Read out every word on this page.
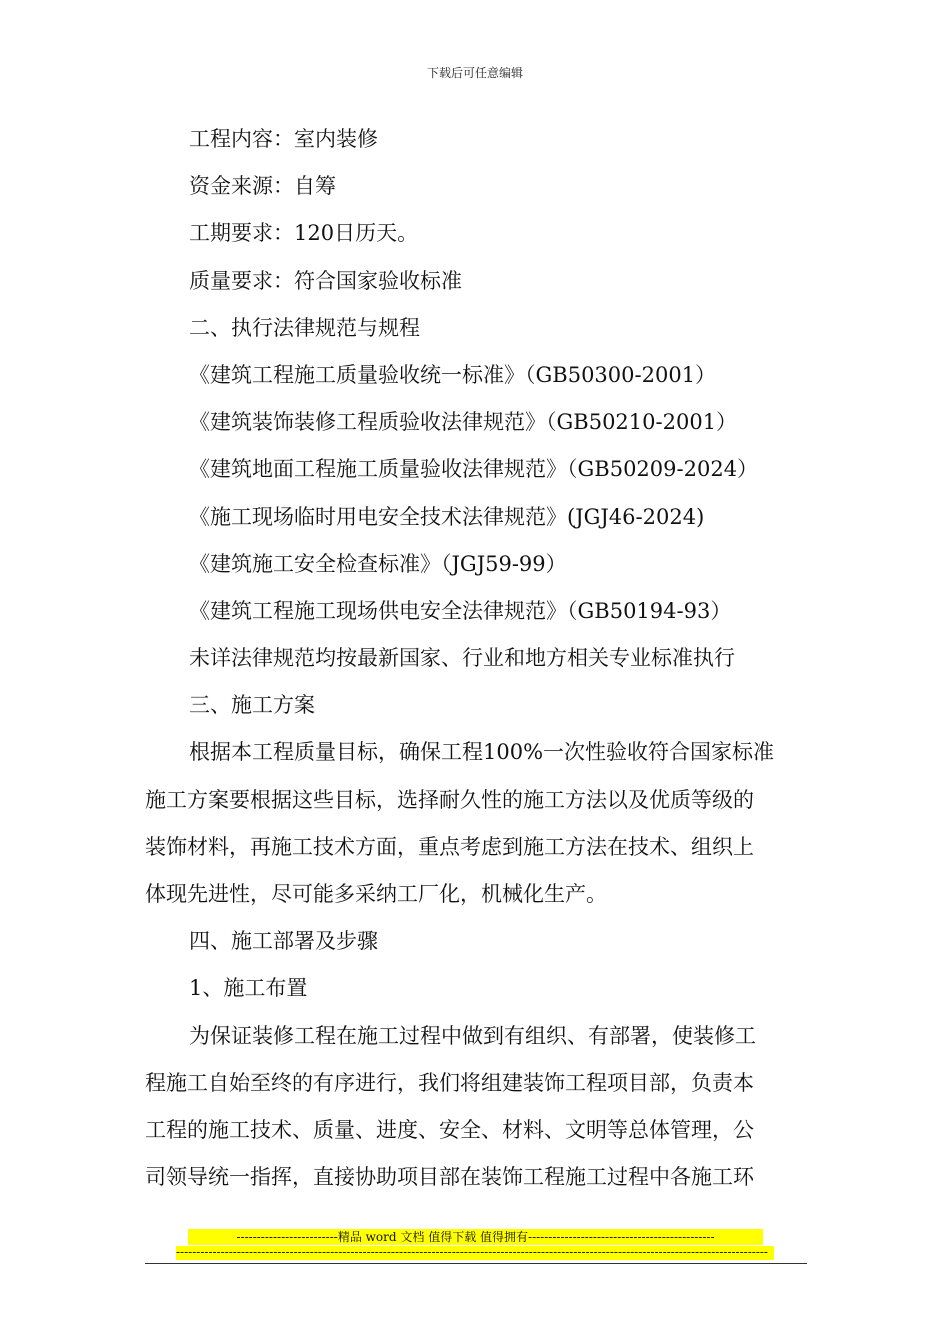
下载后可任意编辑
工程内容：室内装修
资金来源：自筹
工期要求：120日历天。
质量要求：符合国家验收标准
二、执行法律规范与规程
《建筑工程施工质量验收统一标准》（GB50300-2001）
《建筑装饰装修工程质验收法律规范》（GB50210-2001）
《建筑地面工程施工质量验收法律规范》（GB50209-2024）
《施工现场临时用电安全技术法律规范》(JGJ46-2024)
《建筑施工安全检查标准》（JGJ59-99）
《建筑工程施工现场供电安全法律规范》（GB50194-93）
未详法律规范均按最新国家、行业和地方相关专业标准执行
三、施工方案
根据本工程质量目标，确保工程100%一次性验收符合国家标准
施工方案要根据这些目标，选择耐久性的施工方法以及优质等级的
装饰材料，再施工技术方面，重点考虑到施工方法在技术、组织上
体现先进性，尽可能多采纳工厂化，机械化生产。
四、施工部署及步骤
1、施工布置
为保证装修工程在施工过程中做到有组织、有部署，使装修工
程施工自始至终的有序进行，我们将组建装饰工程项目部，负责本
工程的施工技术、质量、进度、安全、材料、文明等总体管理，公
司领导统一指挥，直接协助项目部在装饰工程施工过程中各施工环
-------------------------精品 word 文档 值得下载 值得拥有----------------------------------------------
--------------------------------------------------------------------------------------------------------------------------------------------------
